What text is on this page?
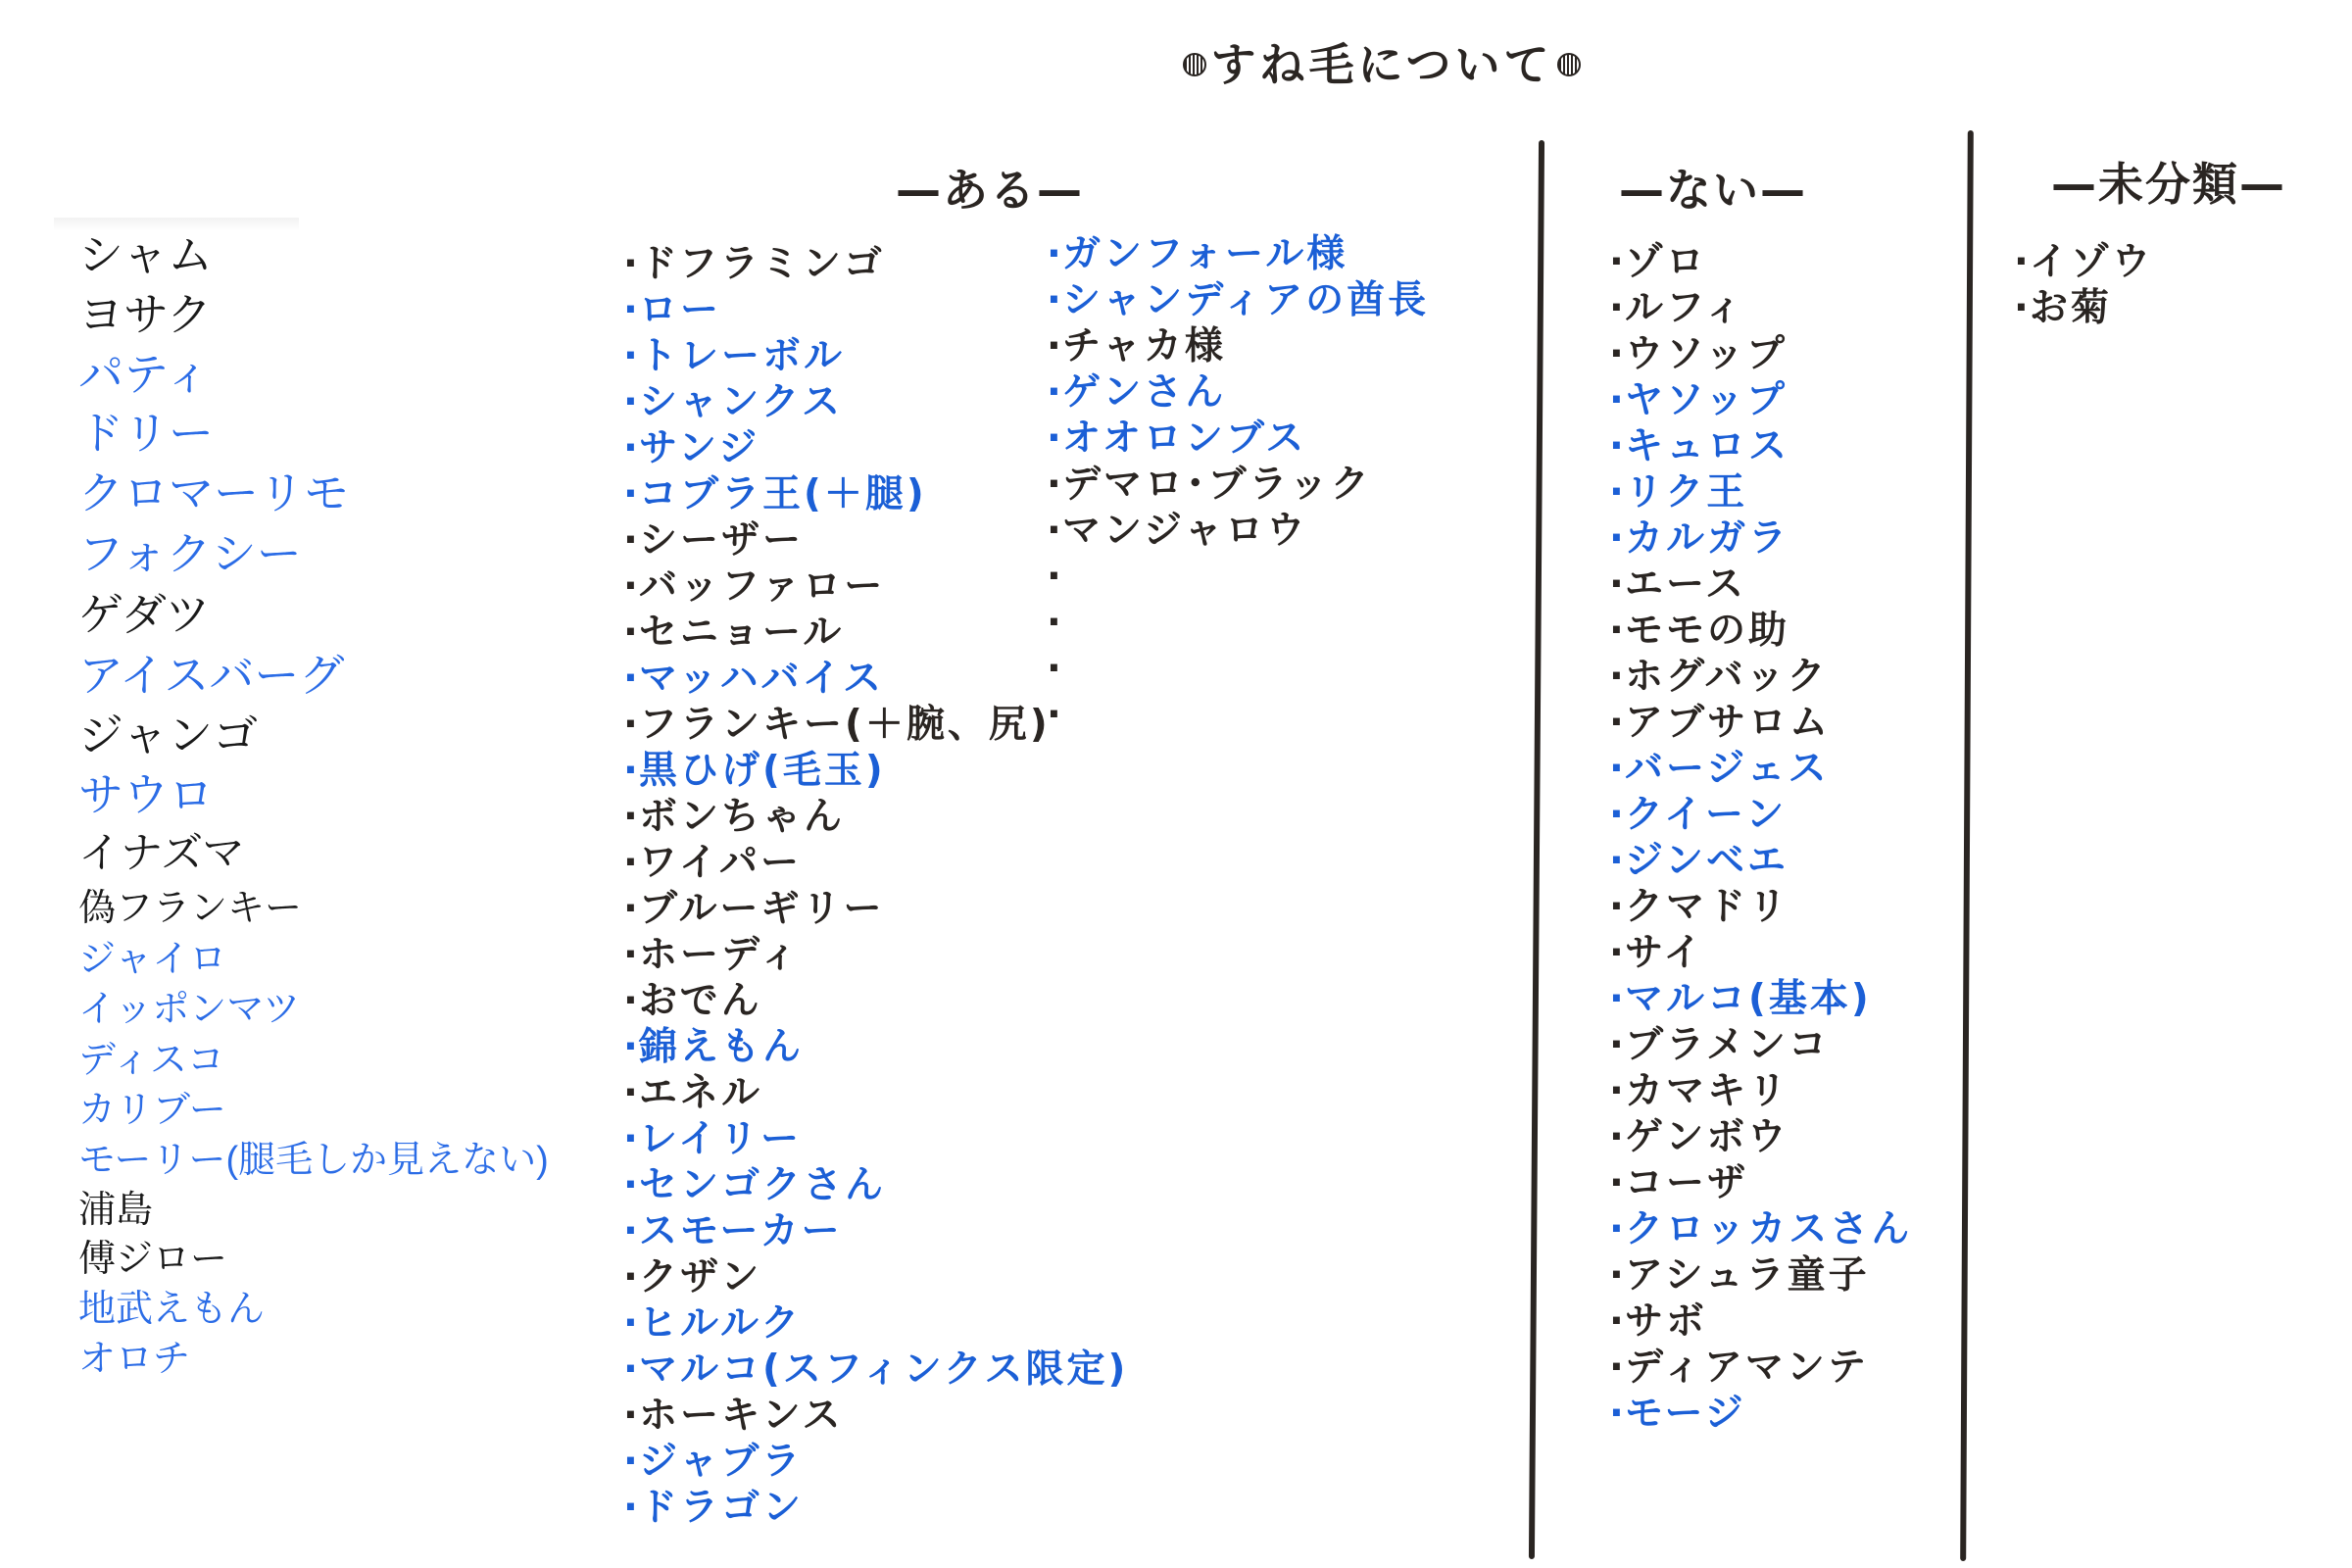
すね毛について
—ある—	—ない—	—未分類—
シャム
ヨサク
パティ
ドリー
クロマーリモ
フォクシー
ゲダツ
アイスバーグ
ジャンゴ
サウロ
イナズマ
偽フランキー
ジャイロ
イッポンマツ
ディスコ
カリブー
モーリー(腿毛しか見えない)
浦島
傅ジロー
地武えもん
オロチ
·ドフラミンゴ
·ロー
·トレーボル
·シャンクス
·サンジ
·コブラ王(＋腿)
·シーザー
·バッファロー
·セニョール
·マッハバイス
·フランキー(＋腕、尻)
·黒ひげ(毛玉)
·ボンちゃん
·ワイパー
·ブルーギリー
·ホーディ
·おでん
·錦えもん
·エネル
·レイリー
·センゴクさん
·スモーカー
·クザン
·ヒルルク
·マルコ(スフィンクス限定)
·ホーキンス
·ジャブラ
·ドラゴン
·ガンフォール様
·シャンディアの酋長
·チャカ様
·ゲンさん
·オオロンブス
·デマロ･ブラック
·マンジャロウ
·
·
·
·
·ゾロ
·ルフィ
·ウソップ
·ヤソップ
·キュロス
·リク王
·カルガラ
·エース
·モモの助
·ホグバック
·アブサロム
·バージェス
·クイーン
·ジンベエ
·クマドリ
·サイ
·マルコ(基本)
·ブラメンコ
·カマキリ
·ゲンボウ
·コーザ
·クロッカスさん
·アシュラ童子
·サボ
·ディアマンテ
·モージ
·イゾウ
·お菊
